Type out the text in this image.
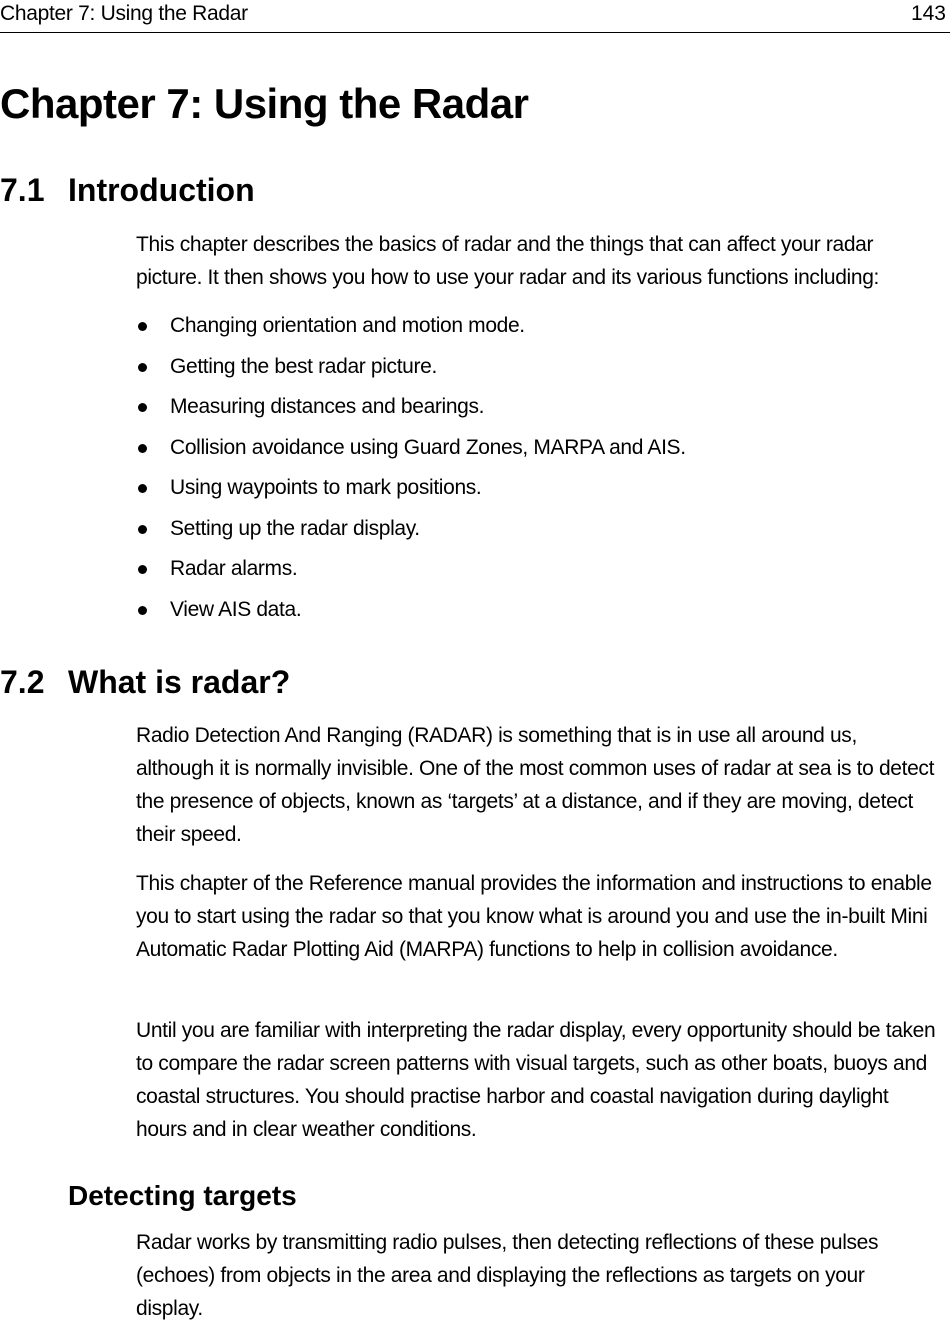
Chapter 7: Using the Radar	143
Chapter 7: Using the Radar
7.1 Introduction

This chapter describes the basics of radar and the things that can affect your radar picture. It then shows you how to use your radar and its various functions including:

Changing orientation and motion mode.
Getting the best radar picture.
Measuring distances and bearings.
Collision avoidance using Guard Zones, MARPA and AIS.
Using waypoints to mark positions.
Setting up the radar display.
Radar alarms.
View AIS data.
7.2 What is radar?

Radio Detection And Ranging (RADAR) is something that is in use all around us, although it is normally invisible. One of the most common uses of radar at sea is to detect the presence of objects, known as ‘targets’ at a distance, and if they are moving, detect their speed.

This chapter of the Reference manual provides the information and instructions to enable you to start using the radar so that you know what is around you and use the in-built Mini Automatic Radar Plotting Aid (MARPA) functions to help in collision avoidance.

Until you are familiar with interpreting the radar display, every opportunity should be taken to compare the radar screen patterns with visual targets, such as other boats, buoys and coastal structures. You should practise harbor and coastal navigation during daylight hours and in clear weather conditions.

Detecting targets

Radar works by transmitting radio pulses, then detecting reflections of these pulses (echoes) from objects in the area and displaying the reflections as targets on your display.
